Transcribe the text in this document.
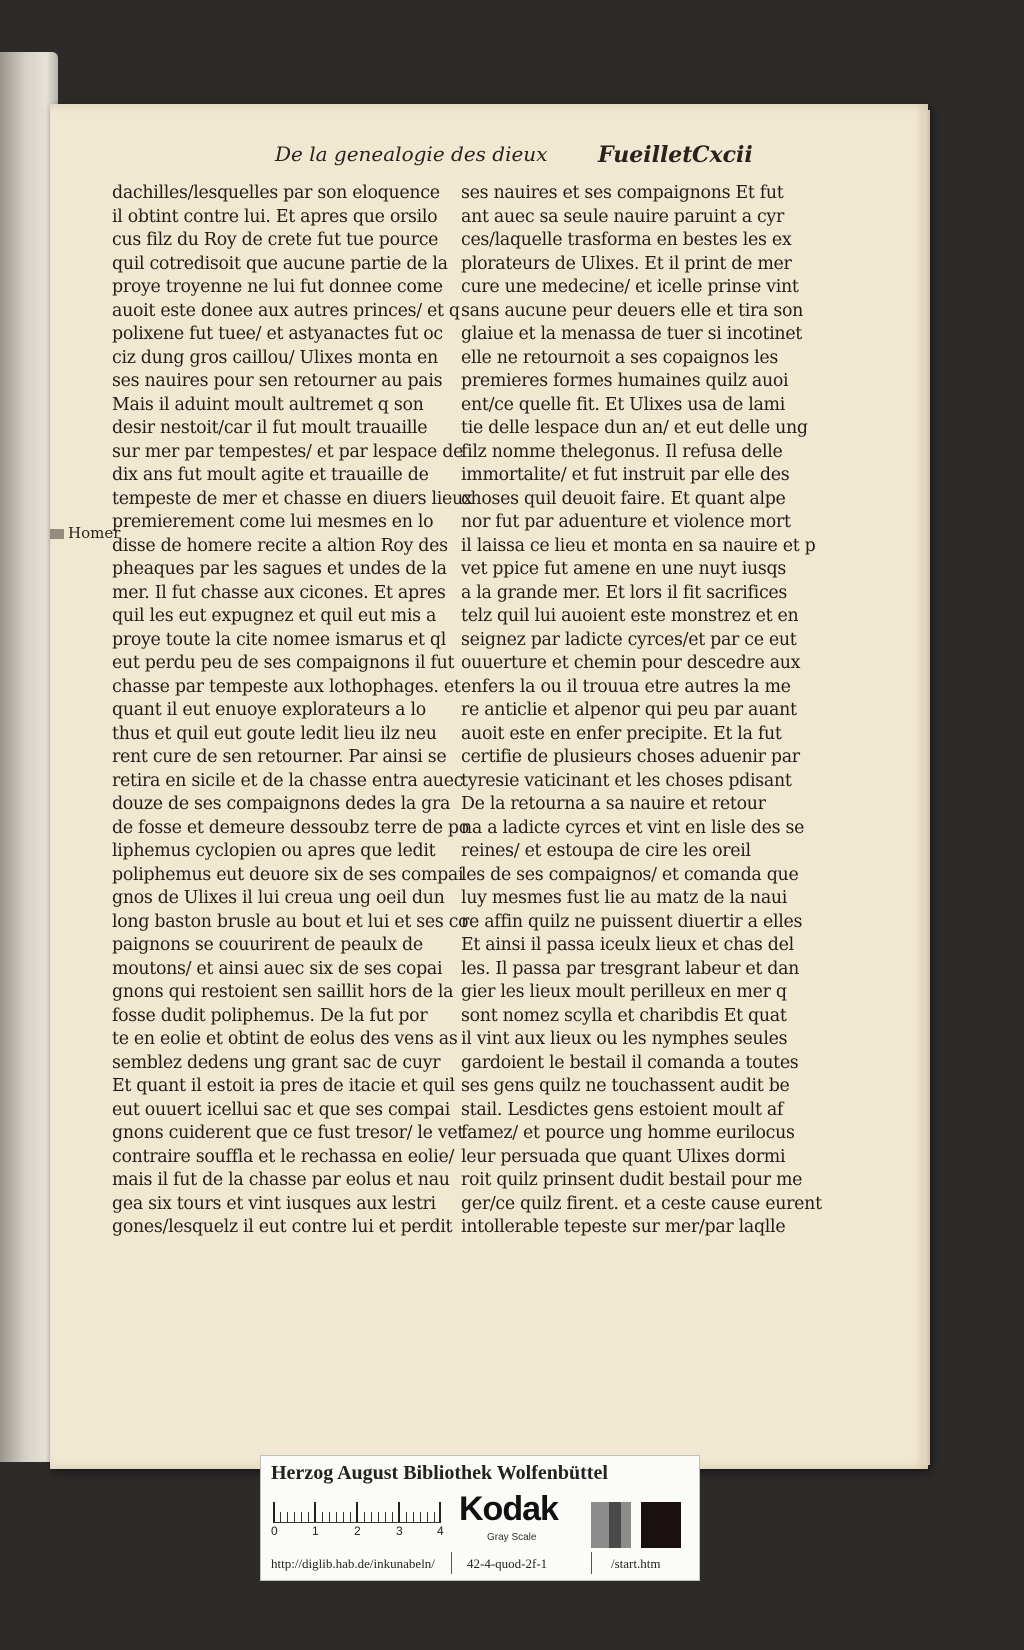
De la genealogie des dieux Fueillet Cxcii
Homer
dachilles/lesquelles par son eloquence
il obtint contre lui. Et apres que orsilo
cus filz du Roy de crete fut tue pource
quil cotredisoit que aucune partie de la
proye troyenne ne lui fut donnee come
auoit este donee aux autres princes/ et q
polixene fut tuee/ et astyanactes fut oc
ciz dung gros caillou/ Ulixes monta en
ses nauires pour sen retourner au pais
Mais il aduint moult aultremet q son
desir nestoit/car il fut moult trauaille
sur mer par tempestes/ et par lespace de
dix ans fut moult agite et trauaille de
tempeste de mer et chasse en diuers lieux
premierement come lui mesmes en lo
disse de homere recite a altion Roy des
pheaques par les sagues et undes de la
mer. Il fut chasse aux cicones. Et apres
quil les eut expugnez et quil eut mis a
proye toute la cite nomee ismarus et ql
eut perdu peu de ses compaignons il fut
chasse par tempeste aux lothophages. et
quant il eut enuoye explorateurs a lo
thus et quil eut goute ledit lieu ilz neu
rent cure de sen retourner. Par ainsi se
retira en sicile et de la chasse entra auec
douze de ses compaignons dedes la gra
de fosse et demeure dessoubz terre de po
liphemus cyclopien ou apres que ledit
poliphemus eut deuore six de ses compai
gnos de Ulixes il lui creua ung oeil dun
long baston brusle au bout et lui et ses co
paignons se couurirent de peaulx de
moutons/ et ainsi auec six de ses copai
gnons qui restoient sen saillit hors de la
fosse dudit poliphemus. De la fut por
te en eolie et obtint de eolus des vens as
semblez dedens ung grant sac de cuyr
Et quant il estoit ia pres de itacie et quil
eut ouuert icellui sac et que ses compai
gnons cuiderent que ce fust tresor/ le vet
contraire souffla et le rechassa en eolie/
mais il fut de la chasse par eolus et nau
gea six tours et vint iusques aux lestri
gones/lesquelz il eut contre lui et perdit
ses nauires et ses compaignons Et fut
ant auec sa seule nauire paruint a cyr
ces/laquelle trasforma en bestes les ex
plorateurs de Ulixes. Et il print de mer
cure une medecine/ et icelle prinse vint
sans aucune peur deuers elle et tira son
glaiue et la menassa de tuer si incotinet
elle ne retournoit a ses copaignos les
premieres formes humaines quilz auoi
ent/ce quelle fit. Et Ulixes usa de lami
tie delle lespace dun an/ et eut delle ung
filz nomme thelegonus. Il refusa delle
immortalite/ et fut instruit par elle des
choses quil deuoit faire. Et quant alpe
nor fut par aduenture et violence mort
il laissa ce lieu et monta en sa nauire et p
vet ppice fut amene en une nuyt iusqs
a la grande mer. Et lors il fit sacrifices
telz quil lui auoient este monstrez et en
seignez par ladicte cyrces/et par ce eut
ouuerture et chemin pour descedre aux
enfers la ou il trouua etre autres la me
re anticlie et alpenor qui peu par auant
auoit este en enfer precipite. Et la fut
certifie de plusieurs choses aduenir par
tyresie vaticinant et les choses pdisant
De la retourna a sa nauire et retour
na a ladicte cyrces et vint en lisle des se
reines/ et estoupa de cire les oreil
les de ses compaignos/ et comanda que
luy mesmes fust lie au matz de la naui
re affin quilz ne puissent diuertir a elles
Et ainsi il passa iceulx lieux et chas del
les. Il passa par tresgrant labeur et dan
gier les lieux moult perilleux en mer q
sont nomez scylla et charibdis Et quat
il vint aux lieux ou les nymphes seules
gardoient le bestail il comanda a toutes
ses gens quilz ne touchassent audit be
stail. Lesdictes gens estoient moult af
famez/ et pource ung homme eurilocus
leur persuada que quant Ulixes dormi
roit quilz prinsent dudit bestail pour me
ger/ce quilz firent. et a ceste cause eurent
intollerable tepeste sur mer/par laqlle
Herzog August Bibliothek Wolfenbüttel
0	1	2	3	4
Kodak
Gray Scale
http://diglib.hab.de/inkunabeln/ 42-4-quod-2f-1	/start.htm
